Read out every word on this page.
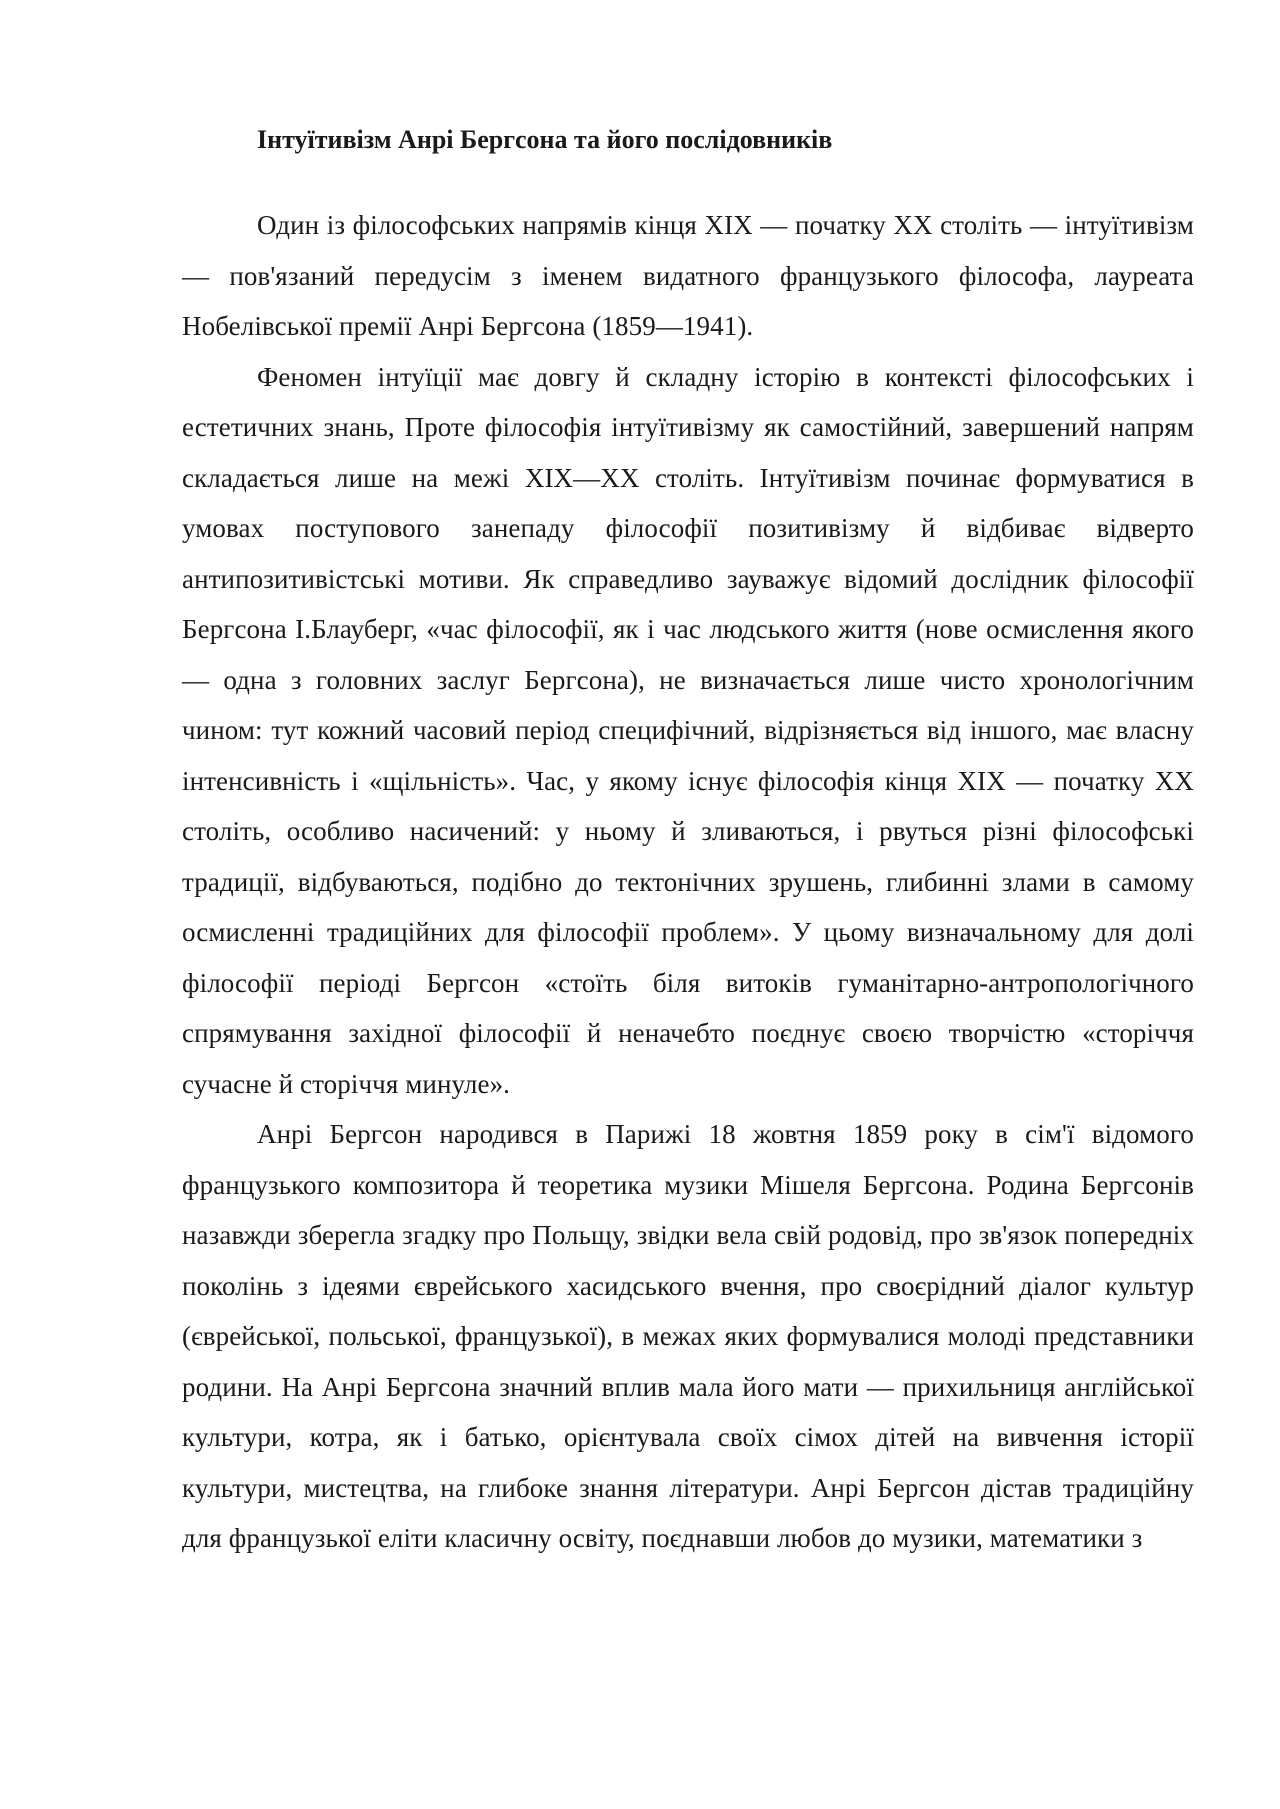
Інтуїтивізм Анрі Бергсона та його послідовників

Один із філософських напрямів кінця XIX — початку XX століть — інтуїтивізм — пов'язаний передусім з іменем видатного французького філософа, лауреата Нобелівської премії Анрі Бергсона (1859—1941).

Феномен інтуїції має довгу й складну історію в контексті філософських і естетичних знань, Проте філософія інтуїтивізму як самостійний, завершений напрям складається лише на межі XIX—XX століть. Інтуїтивізм починає формуватися в умовах поступового занепаду філософії позитивізму й відбиває відверто антипозитивістські мотиви. Як справедливо зауважує відомий дослідник філософії Бергсона І.Блауберг, «час філософії, як і час людського життя (нове осмислення якого — одна з головних заслуг Бергсона), не визначається лише чисто хронологічним чином: тут кожний часовий період специфічний, відрізняється від іншого, має власну інтенсивність і «щільність». Час, у якому існує філософія кінця XIX — початку XX століть, особливо насичений: у ньому й зливаються, і рвуться різні філософські традиції, відбуваються, подібно до тектонічних зрушень, глибинні злами в самому осмисленні традиційних для філософії проблем». У цьому визначальному для долі філософії періоді Бергсон «стоїть біля витоків гуманітарно-антропологічного спрямування західної філософії й неначебто поєднує своєю творчістю «сторіччя сучасне й сторіччя минуле».

Анрі Бергсон народився в Парижі 18 жовтня 1859 року в сім'ї відомого французького композитора й теоретика музики Мішеля Бергсона. Родина Бергсонів назавжди зберегла згадку про Польщу, звідки вела свій родовід, про зв'язок попередніх поколінь з ідеями єврейського хасидського вчення, про своєрідний діалог культур (єврейської, польської, французької), в межах яких формувалися молоді представники родини. На Анрі Бергсона значний вплив мала його мати — прихильниця англійської культури, котра, як і батько, орієнтувала своїх сімох дітей на вивчення історії культури, мистецтва, на глибоке знання літератури. Анрі Бергсон дістав традиційну для французької еліти класичну освіту, поєднавши любов до музики, математики з
